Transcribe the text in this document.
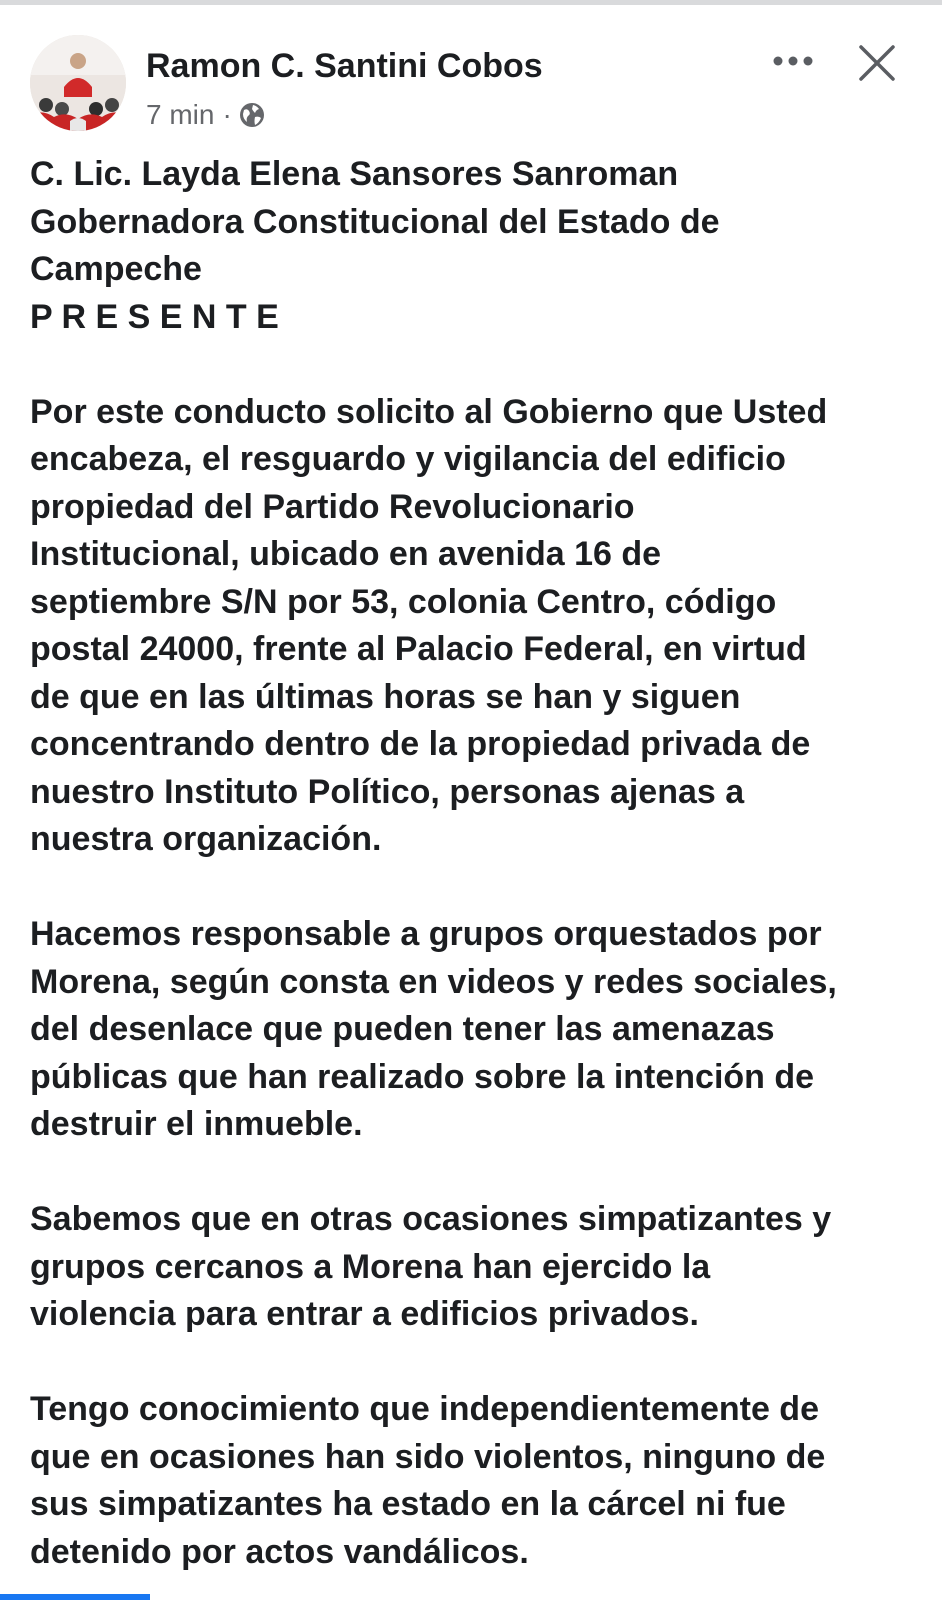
Ramon C. Santini Cobos
7 min ·
C. Lic. Layda Elena Sansores Sanroman
Gobernadora Constitucional del Estado de
Campeche
P R E S E N T E
Por este conducto solicito al Gobierno que Usted
encabeza, el resguardo y vigilancia del edificio
propiedad del Partido Revolucionario
Institucional, ubicado en avenida 16 de
septiembre S/N por 53, colonia Centro, código
postal 24000, frente al Palacio Federal, en virtud
de que en las últimas horas se han y siguen
concentrando dentro de la propiedad privada de
nuestro Instituto Político, personas ajenas a
nuestra organización.
Hacemos responsable a grupos orquestados por
Morena, según consta en videos y redes sociales,
del desenlace que pueden tener las amenazas
públicas que han realizado sobre la intención de
destruir el inmueble.
Sabemos que en otras ocasiones simpatizantes y
grupos cercanos a Morena han ejercido la
violencia para entrar a edificios privados.
Tengo conocimiento que independientemente de
que en ocasiones han sido violentos, ninguno de
sus simpatizantes ha estado en la cárcel ni fue
detenido por actos vandálicos.
